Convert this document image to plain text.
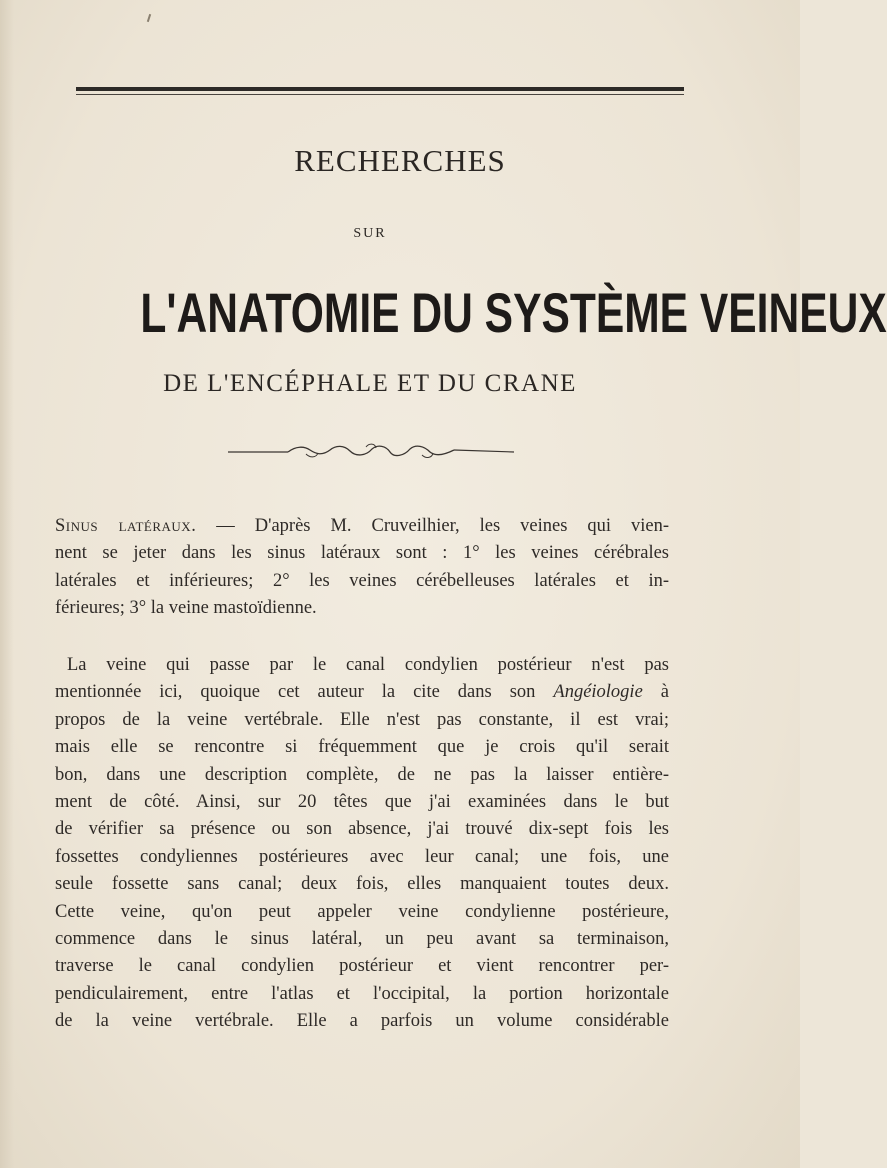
RECHERCHES
SUR
L'ANATOMIE DU SYSTÈME VEINEUX
DE L'ENCÉPHALE ET DU CRANE
Sinus latéraux. — D'après M. Cruveilhier, les veines qui vien-
nent se jeter dans les sinus latéraux sont : 1° les veines cérébrales
latérales et inférieures; 2° les veines cérébelleuses latérales et in-
férieures; 3° la veine mastoïdienne.
La veine qui passe par le canal condylien postérieur n'est pas
mentionnée ici, quoique cet auteur la cite dans son Angéiologie à
propos de la veine vertébrale. Elle n'est pas constante, il est vrai;
mais elle se rencontre si fréquemment que je crois qu'il serait
bon, dans une description complète, de ne pas la laisser entière-
ment de côté. Ainsi, sur 20 têtes que j'ai examinées dans le but
de vérifier sa présence ou son absence, j'ai trouvé dix-sept fois les
fossettes condyliennes postérieures avec leur canal; une fois, une
seule fossette sans canal; deux fois, elles manquaient toutes deux.
Cette veine, qu'on peut appeler veine condylienne postérieure,
commence dans le sinus latéral, un peu avant sa terminaison,
traverse le canal condylien postérieur et vient rencontrer per-
pendiculairement, entre l'atlas et l'occipital, la portion horizontale
de la veine vertébrale. Elle a parfois un volume considérable
